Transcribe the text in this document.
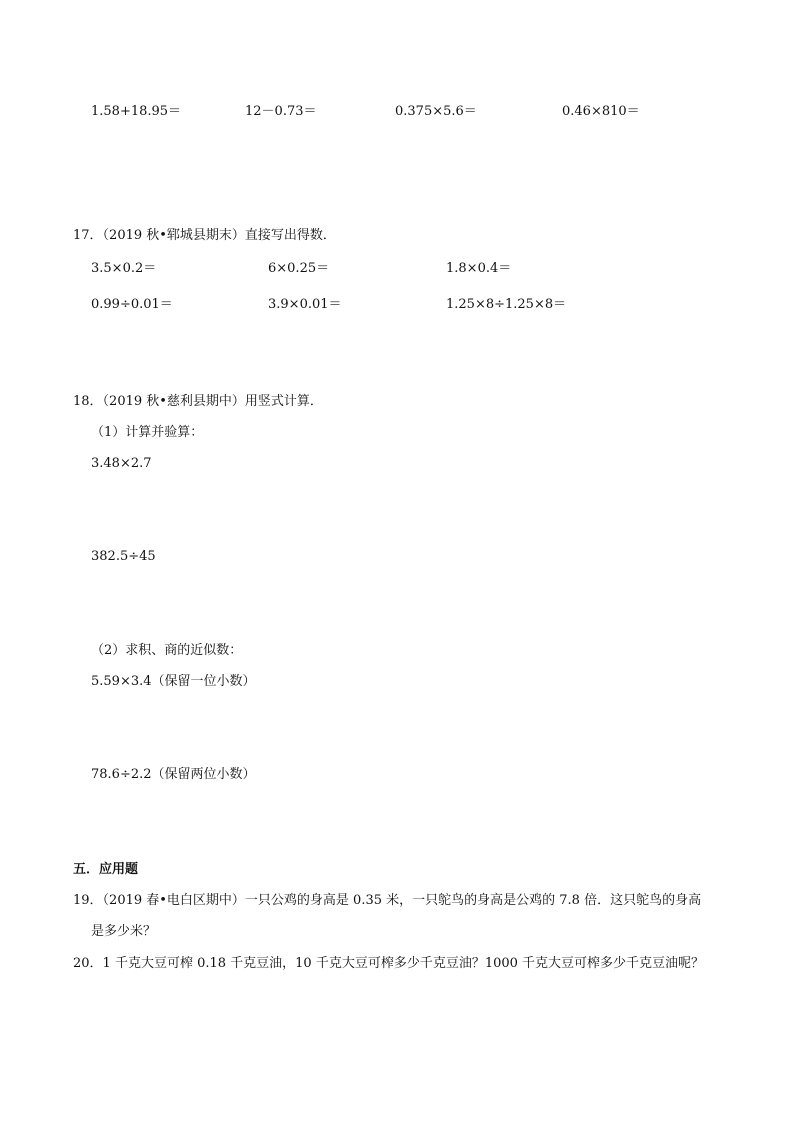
1.58+18.95＝	12－0.73＝	0.375×5.6＝	0.46×810＝
17．（2019 秋•郓城县期末）直接写出得数．
3.5×0.2＝	6×0.25＝	1.8×0.4＝
0.99÷0.01＝	3.9×0.01＝	1.25×8÷1.25×8＝
18．（2019 秋•慈利县期中）用竖式计算．
（1）计算并验算：
3.48×2.7
382.5÷45
（2）求积、商的近似数：
5.59×3.4（保留一位小数）
78.6÷2.2（保留两位小数）
五．应用题
19．（2019 春•电白区期中）一只公鸡的身高是 0.35 米，一只鸵鸟的身高是公鸡的 7.8 倍．这只鸵鸟的身高
是多少米？
20．1 千克大豆可榨 0.18 千克豆油，10 千克大豆可榨多少千克豆油？1000 千克大豆可榨多少千克豆油呢？
